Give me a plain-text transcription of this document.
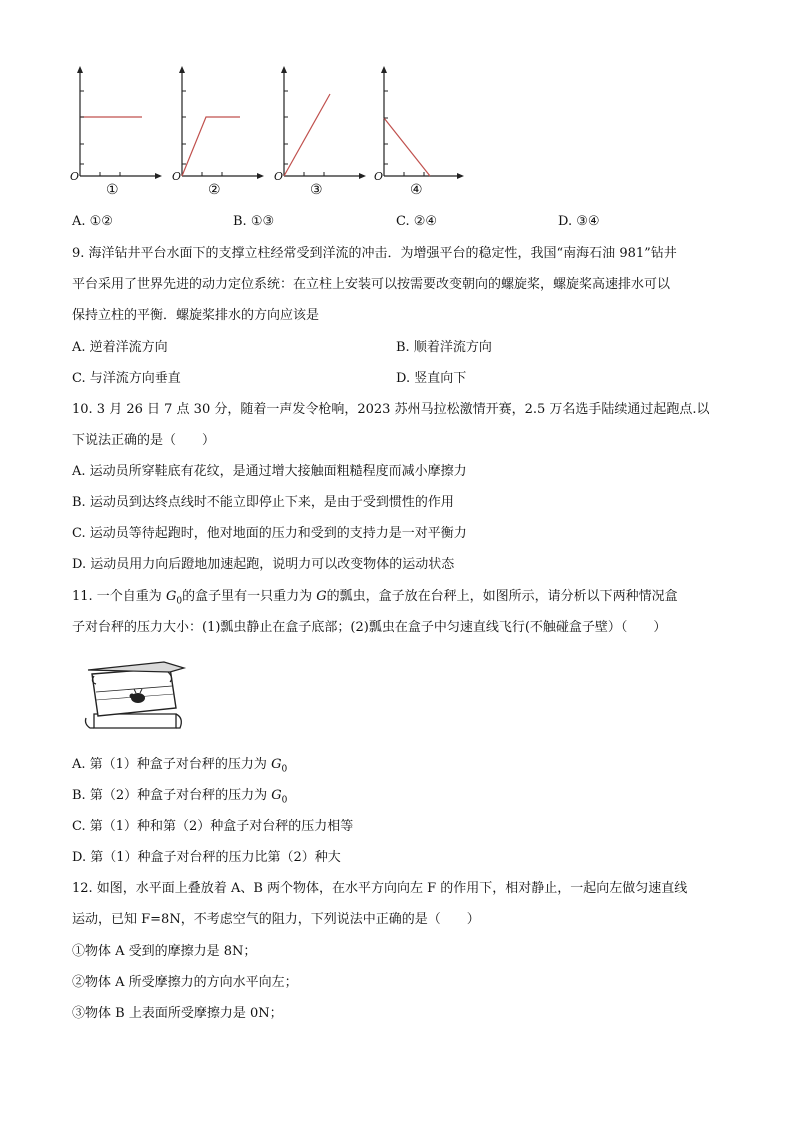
O
①
O
②
O
③
O
④
A. ①②	B. ①③	C. ②④	D. ③④
9. 海洋钻井平台水面下的支撑立柱经常受到洋流的冲击．为增强平台的稳定性，我国“南海石油 981”钻井
平台采用了世界先进的动力定位系统：在立柱上安装可以按需要改变朝向的螺旋桨，螺旋桨高速排水可以
保持立柱的平衡．螺旋桨排水的方向应该是
A. 逆着洋流方向	B. 顺着洋流方向
C. 与洋流方向垂直	D. 竖直向下
10. 3 月 26 日 7 点 30 分，随着一声发令枪响，2023 苏州马拉松激情开赛，2.5 万名选手陆续通过起跑点.以
下说法正确的是（　　）
A. 运动员所穿鞋底有花纹，是通过增大接触面粗糙程度而减小摩擦力
B. 运动员到达终点线时不能立即停止下来，是由于受到惯性的作用
C. 运动员等待起跑时，他对地面的压力和受到的支持力是一对平衡力
D. 运动员用力向后蹬地加速起跑，说明力可以改变物体的运动状态
11. 一个自重为 $G_0$的盒子里有一只重力为 G的瓢虫，盒子放在台秤上，如图所示，请分析以下两种情况盒
子对台秤的压力大小：(1)瓢虫静止在盒子底部；(2)瓢虫在盒子中匀速直线飞行(不触碰盒子壁）（　　）
A. 第（1）种盒子对台秤的压力为 $G_0$
B. 第（2）种盒子对台秤的压力为 $G_0$
C. 第（1）种和第（2）种盒子对台秤的压力相等
D. 第（1）种盒子对台秤的压力比第（2）种大
12. 如图，水平面上叠放着 A、B 两个物体，在水平方向向左 F 的作用下，相对静止，一起向左做匀速直线
运动，已知 F=8N，不考虑空气的阻力，下列说法中正确的是（　　）
①物体 A 受到的摩擦力是 8N；
②物体 A 所受摩擦力的方向水平向左；
③物体 B 上表面所受摩擦力是 0N；
